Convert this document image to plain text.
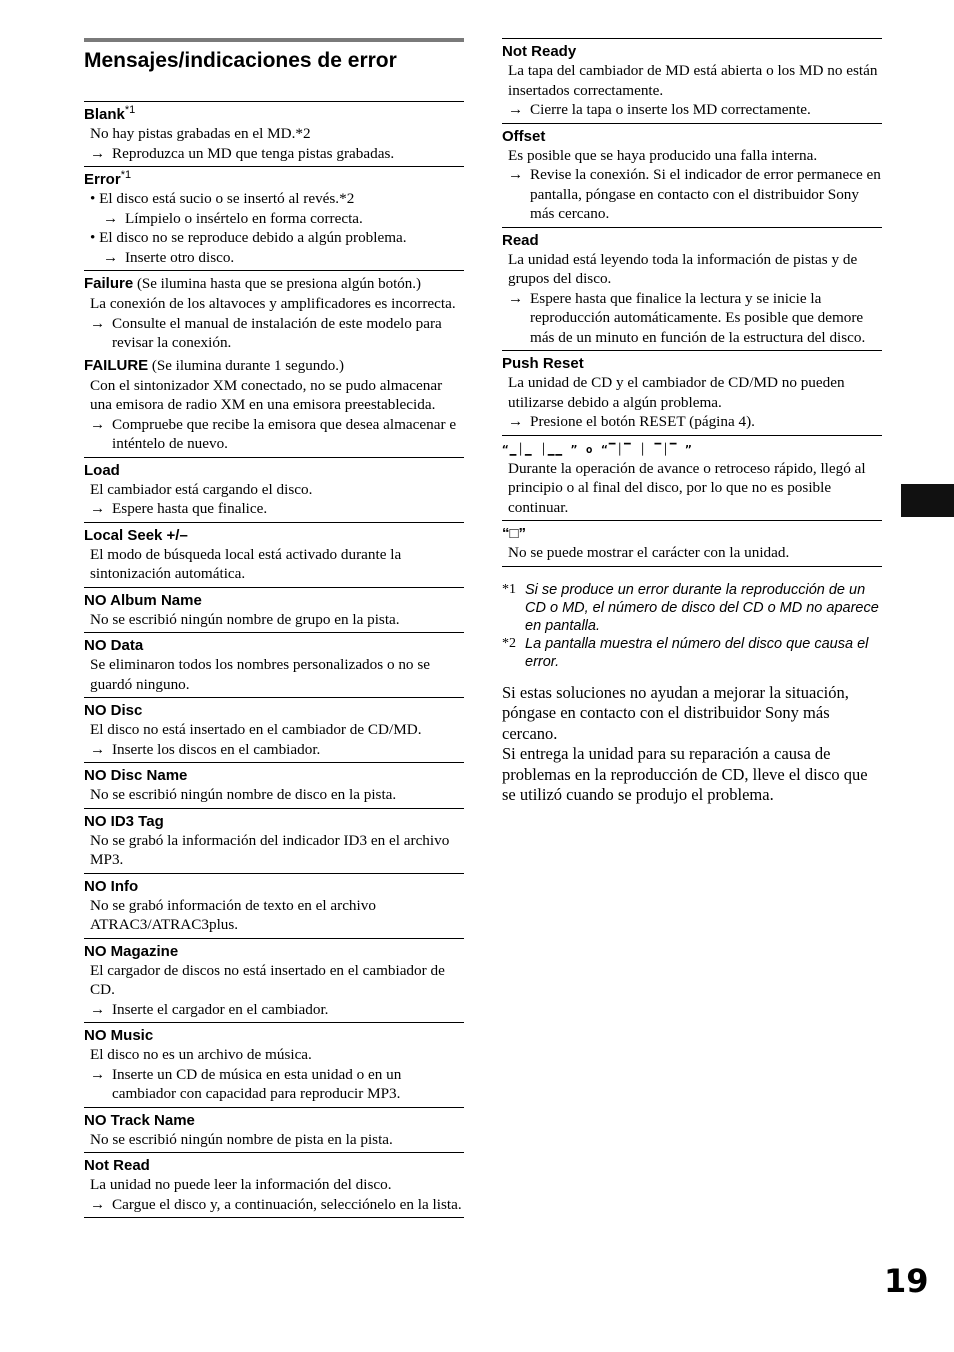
Mensajes/indicaciones de error
Blank$^{*1}$
No hay pistas grabadas en el MD.*2
→ Reproduzca un MD que tenga pistas grabadas.
Error$^{*1}$
• El disco está sucio o se insertó al revés.*2
→ Límpielo o insértelo en forma correcta.
• El disco no se reproduce debido a algún problema.
→ Inserte otro disco.
Failure (Se ilumina hasta que se presiona algún botón.)
La conexión de los altavoces y amplificadores es incorrecta.
→ Consulte el manual de instalación de este modelo para revisar la conexión.
FAILURE (Se ilumina durante 1 segundo.)
Con el sintonizador XM conectado, no se pudo almacenar una emisora de radio XM en una emisora preestablecida.
→ Compruebe que recibe la emisora que desea almacenar e inténtelo de nuevo.
Load
El cambiador está cargando el disco.
→ Espere hasta que finalice.
Local Seek +/–
El modo de búsqueda local está activado durante la sintonización automática.
NO Album Name
No se escribió ningún nombre de grupo en la pista.
NO Data
Se eliminaron todos los nombres personalizados o no se guardó ninguno.
NO Disc
El disco no está insertado en el cambiador de CD/MD.
→ Inserte los discos en el cambiador.
NO Disc Name
No se escribió ningún nombre de disco en la pista.
NO ID3 Tag
No se grabó la información del indicador ID3 en el archivo MP3.
NO Info
No se grabó información de texto en el archivo ATRAC3/ATRAC3plus.
NO Magazine
El cargador de discos no está insertado en el cambiador de CD.
→ Inserte el cargador en el cambiador.
NO Music
El disco no es un archivo de música.
→ Inserte un CD de música en esta unidad o en un cambiador con capacidad para reproducir MP3.
NO Track Name
No se escribió ningún nombre de pista en la pista.
Not Read
La unidad no puede leer la información del disco.
→ Cargue el disco y, a continuación, selecciónelo en la lista.
Not Ready
La tapa del cambiador de MD está abierta o los MD no están insertados correctamente.
→ Cierre la tapa o inserte los MD correctamente.
Offset
Es posible que se haya producido una falla interna.
→ Revise la conexión. Si el indicador de error permanece en pantalla, póngase en contacto con el distribuidor Sony más cercano.
Read
La unidad está leyendo toda la información de pistas y de grupos del disco.
→ Espere hasta que finalice la lectura y se inicie la reproducción automáticamente. Es posible que demore más de un minuto en función de la estructura del disco.
Push Reset
La unidad de CD y el cambiador de CD/MD no pueden utilizarse debido a algún problema.
→ Presione el botón RESET (página 4).
“▁│▁ │▁▁ ” o “▔│▔ │ ▔│▔ ”
Durante la operación de avance o retroceso rápido, llegó al principio o al final del disco, por lo que no es posible continuar.
“□”
No se puede mostrar el carácter con la unidad.
*1 Si se produce un error durante la reproducción de un CD o MD, el número de disco del CD o MD no aparece en pantalla.
*2 La pantalla muestra el número del disco que causa el error.
Si estas soluciones no ayudan a mejorar la situación, póngase en contacto con el distribuidor Sony más cercano.
Si entrega la unidad para su reparación a causa de problemas en la reproducción de CD, lleve el disco que se utilizó cuando se produjo el problema.
19
